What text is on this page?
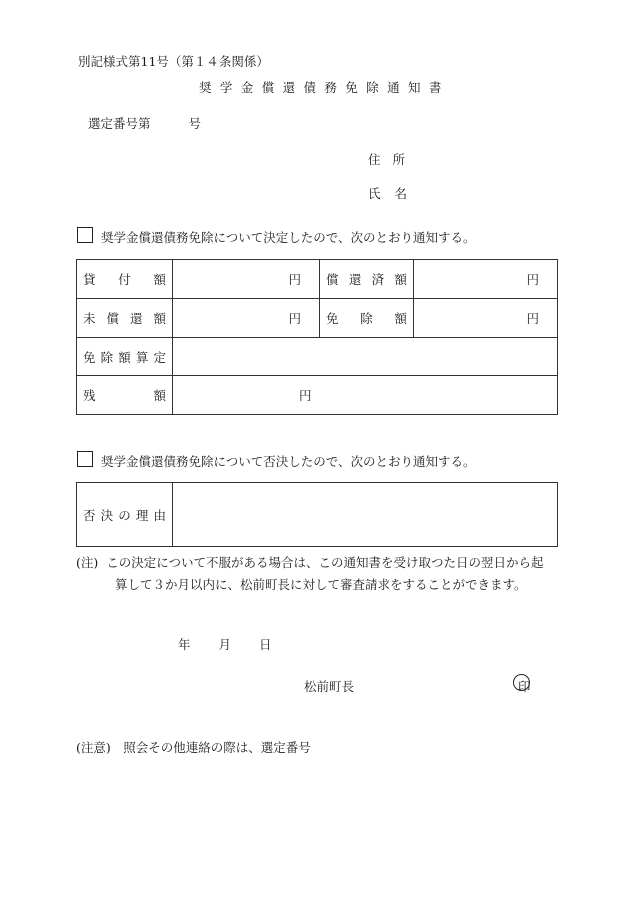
別記様式第11号（第１４条関係）
奨学金償還債務免除通知書
選定番号第	号
住所
氏名
奨学金償還債務免除について決定したので、次のとおり通知する。
貸 付 額	円	償 還 済 額	円

未 償 還 額	円	免 除 額	円

免 除 額 算 定			

残 額	円		
奨学金償還債務免除について否決したので、次のとおり通知する。
否 決 の 理 由

(注) この決定について不服がある場合は、この通知書を受け取つた日の翌日から起
算して３か月以内に、松前町長に対して審査請求をすることができます。
年 月 日
松前町長	印
(注意)　照会その他連絡の際は、選定番号
